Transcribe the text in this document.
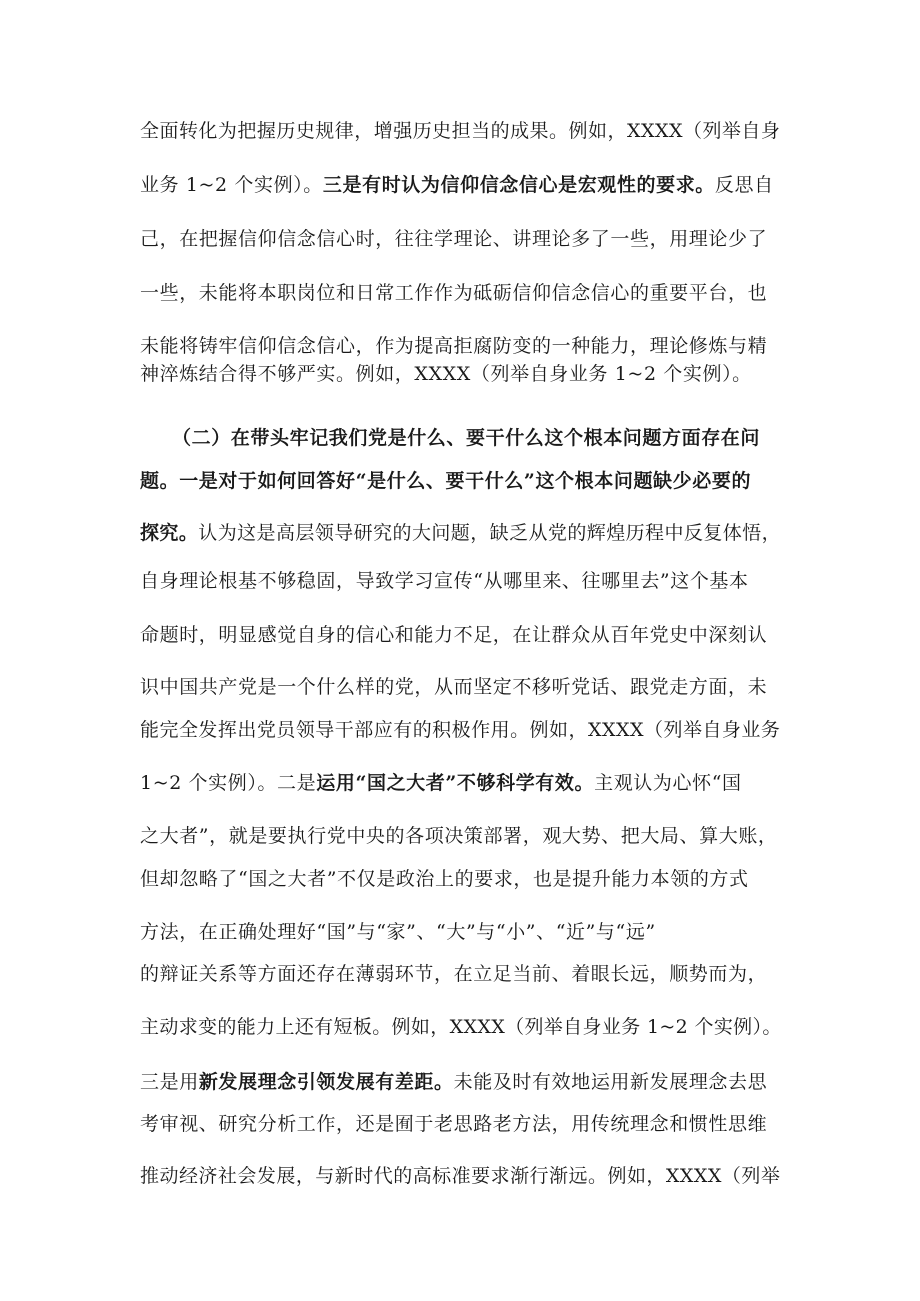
全面转化为把握历史规律，增强历史担当的成果。例如，XXXX（列举自身
业务 1~2 个实例）。三是有时认为信仰信念信心是宏观性的要求。反思自
己，在把握信仰信念信心时，往往学理论、讲理论多了一些，用理论少了
一些，未能将本职岗位和日常工作作为砥砺信仰信念信心的重要平台，也
未能将铸牢信仰信念信心，作为提高拒腐防变的一种能力，理论修炼与精
神淬炼结合得不够严实。例如，XXXX（列举自身业务 1~2 个实例）。
（二）在带头牢记我们党是什么、要干什么这个根本问题方面存在问
题。一是对于如何回答好“是什么、要干什么”这个根本问题缺少必要的
探究。认为这是高层领导研究的大问题，缺乏从党的辉煌历程中反复体悟，
自身理论根基不够稳固，导致学习宣传“从哪里来、往哪里去”这个基本
命题时，明显感觉自身的信心和能力不足，在让群众从百年党史中深刻认
识中国共产党是一个什么样的党，从而坚定不移听党话、跟党走方面，未
能完全发挥出党员领导干部应有的积极作用。例如，XXXX（列举自身业务
1~2 个实例）。二是运用“国之大者”不够科学有效。主观认为心怀“国
之大者”，就是要执行党中央的各项决策部署，观大势、把大局、算大账，
但却忽略了“国之大者”不仅是政治上的要求，也是提升能力本领的方式
方法，在正确处理好“国”与“家”、“大”与“小”、“近”与“远”
的辩证关系等方面还存在薄弱环节，在立足当前、着眼长远，顺势而为，
主动求变的能力上还有短板。例如，XXXX（列举自身业务 1~2 个实例）。
三是用新发展理念引领发展有差距。未能及时有效地运用新发展理念去思
考审视、研究分析工作，还是囿于老思路老方法，用传统理念和惯性思维
推动经济社会发展，与新时代的高标准要求渐行渐远。例如，XXXX（列举
